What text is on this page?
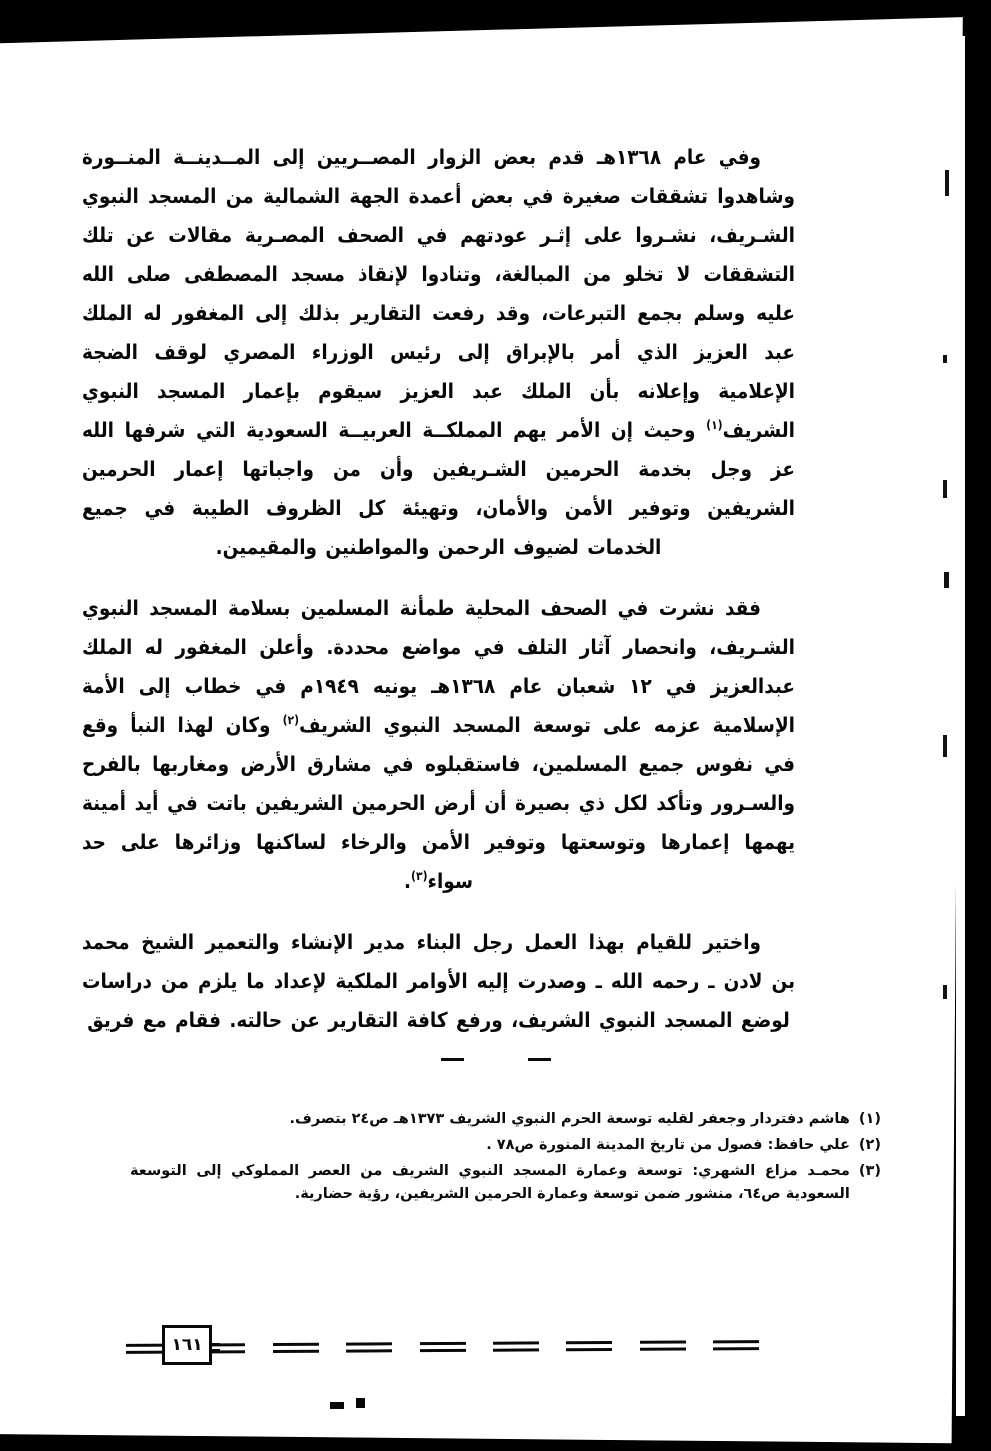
وفي عام ١٣٦٨هـ قدم بعض الزوار المصــريين إلى المــدينــة المنــورة وشاهدوا تشققات صغيرة في بعض أعمدة الجهة الشمالية من المسجد النبوي الشـريف، نشـروا على إثـر عودتهم في الصحف المصـرية مقالات عن تلك التشققات لا تخلو من المبالغة، وتنادوا لإنقاذ مسجد المصطفى صلى الله عليه وسلم بجمع التبرعات، وقد رفعت التقارير بذلك إلى المغفور له الملك عبد العزيز الذي أمر بالإبراق إلى رئيس الوزراء المصري لوقف الضجة الإعلامية وإعلانه بأن الملك عبد العزيز سيقوم بإعمار المسجد النبوي الشريف$^{(١)}$ وحيث إن الأمر يهم المملكــة العربيــة السعودية التي شرفها الله عز وجل بخدمة الحرمين الشـريفين وأن من واجباتها إعمار الحرمين الشريفين وتوفير الأمن والأمان، وتهيئة كل الظروف الطيبة في جميع الخدمات لضيوف الرحمن والمواطنين والمقيمين.

فقد نشرت في الصحف المحلية طمأنة المسلمين بسلامة المسجد النبوي الشـريف، وانحصار آثار التلف في مواضع محددة. وأعلن المغفور له الملك عبدالعزيز في ١٢ شعبان عام ١٣٦٨هـ يونيه ١٩٤٩م في خطاب إلى الأمة الإسلامية عزمه على توسعة المسجد النبوي الشريف$^{(٢)}$ وكان لهذا النبأ وقع في نفوس جميع المسلمين، فاستقبلوه في مشارق الأرض ومغاربها بالفرح والسـرور وتأكد لكل ذي بصيرة أن أرض الحرمين الشريفين باتت في أيد أمينة يهمها إعمارها وتوسعتها وتوفير الأمن والرخاء لساكنها وزائرها على حد سواء$^{(٣)}$.

واختير للقيام بهذا العمل رجل البناء مدير الإنشاء والتعمير الشيخ محمد بن لادن ـ رحمه الله ـ وصدرت إليه الأوامر الملكية لإعداد ما يلزم من دراسات لوضع المسجد النبوي الشريف، ورفع كافة التقارير عن حالته. فقام مع فريق

(١)
هاشم دفتردار وجعفر لقليه توسعة الحرم النبوي الشريف ١٣٧٣هـ ص٢٤ بتصرف.
(٢)
علي حافظ: فصول من تاريخ المدينة المنورة ص٧٨ .
(٣)
محمـد مزاع الشهري: توسعة وعمارة المسجد النبوي الشريف من العصر المملوكي إلى التوسعة السعودية ص٦٤، منشور ضمن توسعة وعمارة الحرمين الشريفين، رؤية حضارية.
١٦١
